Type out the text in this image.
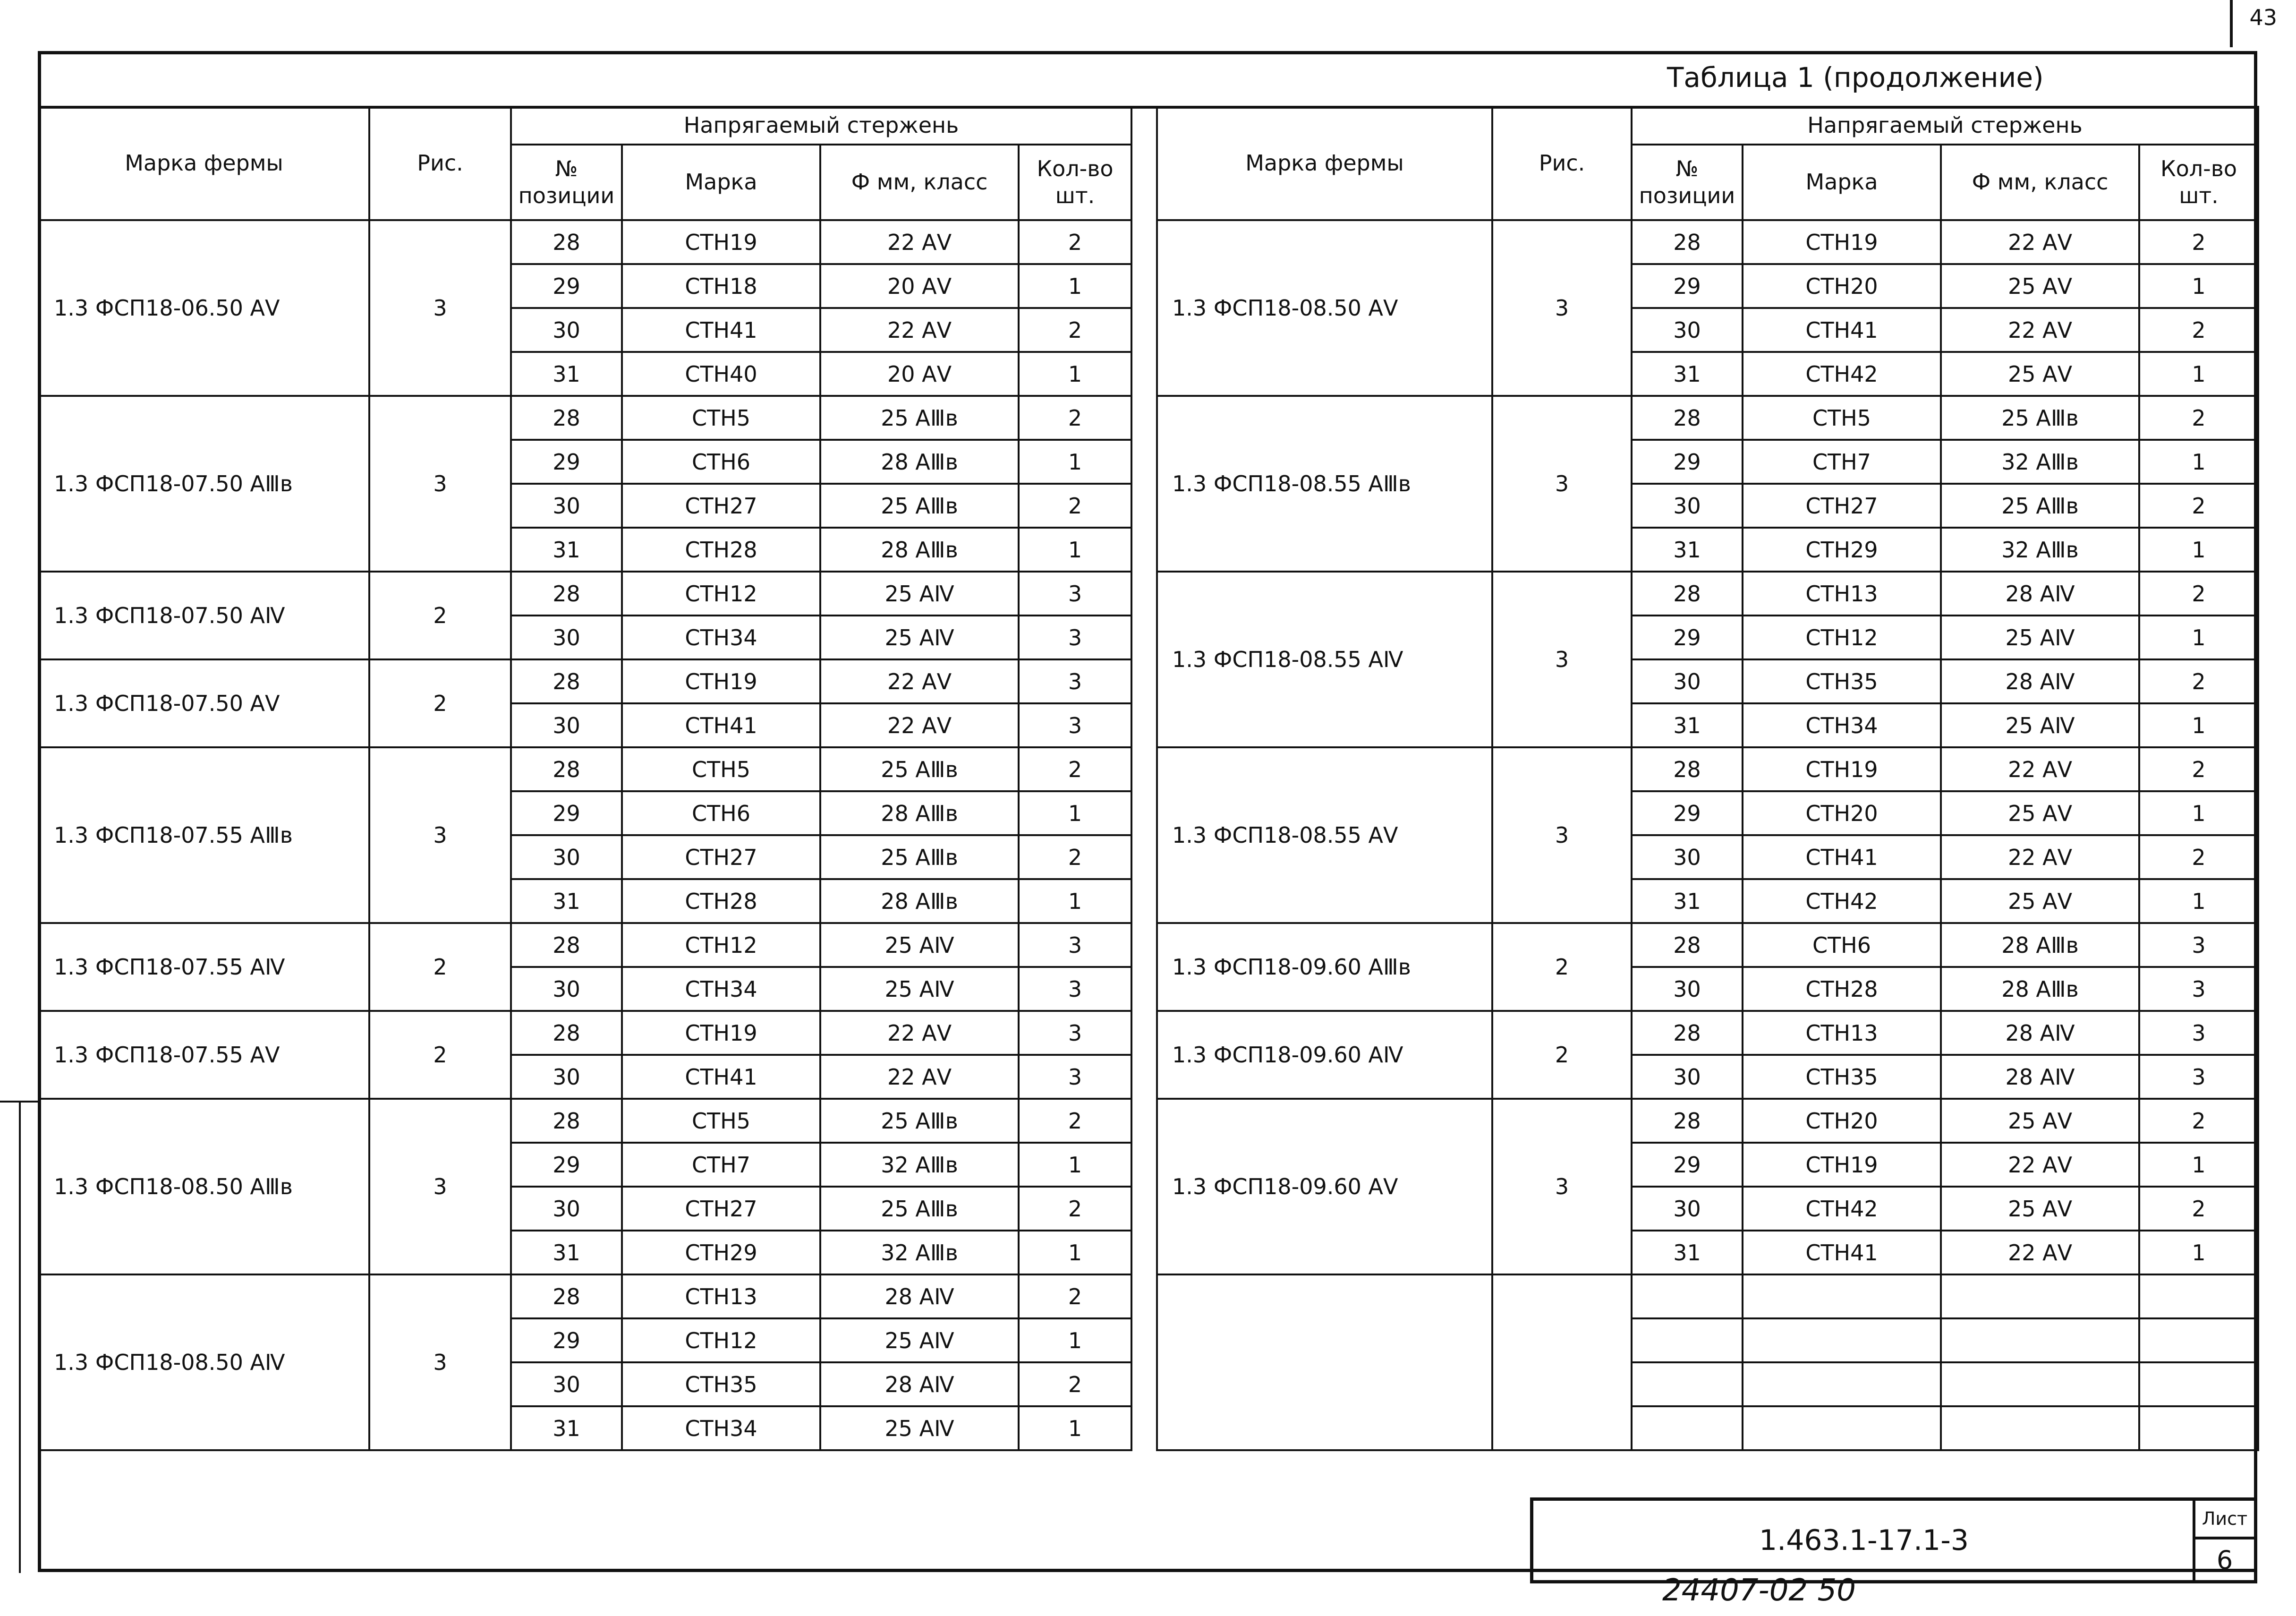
43
Таблица 1 (продолжение)
Марка фермы	Рис.	Напрягаемый стержень			
		№ позиции	Марка	Ф мм, класс	Кол-во шт.
1.3 ФСП18-06.50 АⅤ	3	28	СТН19	22 АⅤ	2
		29	СТН18	20 АⅤ	1
		30	СТН41	22 АⅤ	2
		31	СТН40	20 АⅤ	1
1.3 ФСП18-07.50 АⅢв	3	28	СТН5	25 АⅢв	2
		29	СТН6	28 АⅢв	1
		30	СТН27	25 АⅢв	2
		31	СТН28	28 АⅢв	1
1.3 ФСП18-07.50 АⅣ	2	28	СТН12	25 АⅣ	3
		30	СТН34	25 АⅣ	3
1.3 ФСП18-07.50 АⅤ	2	28	СТН19	22 АⅤ	3
		30	СТН41	22 АⅤ	3
1.3 ФСП18-07.55 АⅢв	3	28	СТН5	25 АⅢв	2
		29	СТН6	28 АⅢв	1
		30	СТН27	25 АⅢв	2
		31	СТН28	28 АⅢв	1
1.3 ФСП18-07.55 АⅣ	2	28	СТН12	25 АⅣ	3
		30	СТН34	25 АⅣ	3
1.3 ФСП18-07.55 АⅤ	2	28	СТН19	22 АⅤ	3
		30	СТН41	22 АⅤ	3
1.3 ФСП18-08.50 АⅢв	3	28	СТН5	25 АⅢв	2
		29	СТН7	32 АⅢв	1
		30	СТН27	25 АⅢв	2
		31	СТН29	32 АⅢв	1
1.3 ФСП18-08.50 АⅣ	3	28	СТН13	28 АⅣ	2
		29	СТН12	25 АⅣ	1
		30	СТН35	28 АⅣ	2
		31	СТН34	25 АⅣ	1
Марка фермы	Рис.	Напрягаемый стержень			
		№ позиции	Марка	Ф мм, класс	Кол-во шт.
1.3 ФСП18-08.50 АⅤ	3	28	СТН19	22 АⅤ	2
		29	СТН20	25 АⅤ	1
		30	СТН41	22 АⅤ	2
		31	СТН42	25 АⅤ	1
1.3 ФСП18-08.55 АⅢв	3	28	СТН5	25 АⅢв	2
		29	СТН7	32 АⅢв	1
		30	СТН27	25 АⅢв	2
		31	СТН29	32 АⅢв	1
1.3 ФСП18-08.55 АⅣ	3	28	СТН13	28 АⅣ	2
		29	СТН12	25 АⅣ	1
		30	СТН35	28 АⅣ	2
		31	СТН34	25 АⅣ	1
1.3 ФСП18-08.55 АⅤ	3	28	СТН19	22 АⅤ	2
		29	СТН20	25 АⅤ	1
		30	СТН41	22 АⅤ	2
		31	СТН42	25 АⅤ	1
1.3 ФСП18-09.60 АⅢв	2	28	СТН6	28 АⅢв	3
		30	СТН28	28 АⅢв	3
1.3 ФСП18-09.60 АⅣ	2	28	СТН13	28 АⅣ	3
		30	СТН35	28 АⅣ	3
1.3 ФСП18-09.60 АⅤ	3	28	СТН20	25 АⅤ	2
		29	СТН19	22 АⅤ	1
		30	СТН42	25 АⅤ	2
		31	СТН41	22 АⅤ	1

1.463.1-17.1-3
Лист
6
24407-02 50
